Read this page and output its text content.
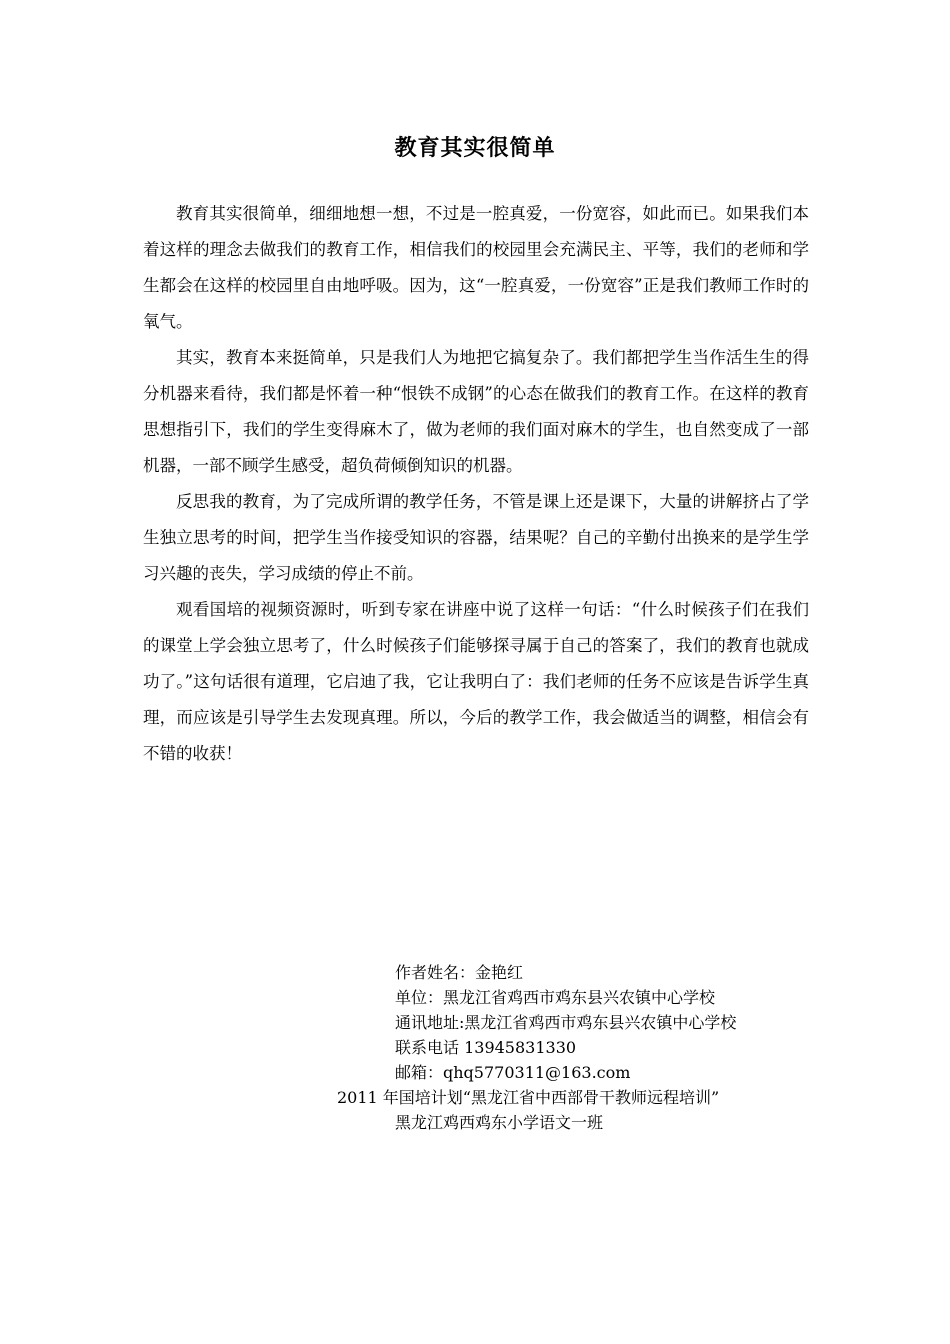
教育其实很简单

教育其实很简单，细细地想一想，不过是一腔真爱，一份宽容，如此而已。如果我们本着这样的理念去做我们的教育工作，相信我们的校园里会充满民主、平等，我们的老师和学生都会在这样的校园里自由地呼吸。因为，这“一腔真爱，一份宽容”正是我们教师工作时的氧气。

其实，教育本来挺简单，只是我们人为地把它搞复杂了。我们都把学生当作活生生的得分机器来看待，我们都是怀着一种“恨铁不成钢”的心态在做我们的教育工作。在这样的教育思想指引下，我们的学生变得麻木了，做为老师的我们面对麻木的学生，也自然变成了一部机器，一部不顾学生感受，超负荷倾倒知识的机器。

反思我的教育，为了完成所谓的教学任务，不管是课上还是课下，大量的讲解挤占了学生独立思考的时间，把学生当作接受知识的容器，结果呢？自己的辛勤付出换来的是学生学习兴趣的丧失，学习成绩的停止不前。

观看国培的视频资源时，听到专家在讲座中说了这样一句话：“什么时候孩子们在我们的课堂上学会独立思考了，什么时候孩子们能够探寻属于自己的答案了，我们的教育也就成功了。”这句话很有道理，它启迪了我，它让我明白了：我们老师的任务不应该是告诉学生真理，而应该是引导学生去发现真理。所以，今后的教学工作，我会做适当的调整，相信会有不错的收获！

作者姓名：金艳红
单位：黑龙江省鸡西市鸡东县兴农镇中心学校
通讯地址:黑龙江省鸡西市鸡东县兴农镇中心学校
联系电话 13945831330
邮箱：qhq5770311@163.com
2011 年国培计划“黑龙江省中西部骨干教师远程培训”
黑龙江鸡西鸡东小学语文一班
